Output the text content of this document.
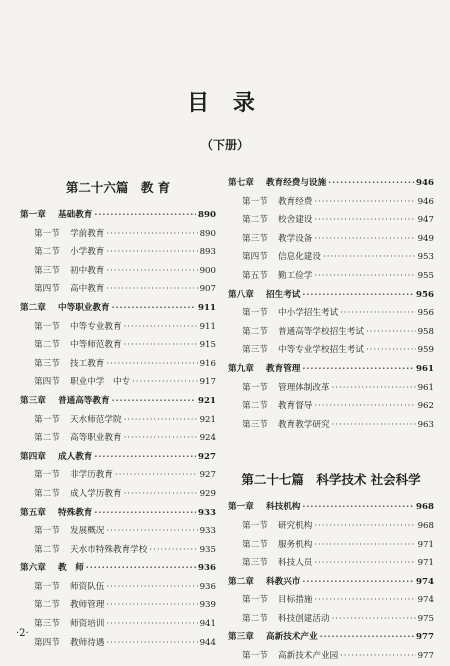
目 录
（下册）
第二十六篇　教 育
第一章	基础教育 ·····	890
第一节	学前教育 ·····	890
第二节	小学教育 ·····	893
第三节	初中教育 ·····	900
第四节	高中教育 ·····	907
第二章	中等职业教育 ·····	911
第一节	中等专业教育 ·····	911
第二节	中等师范教育 ·····	915
第三节	技工教育 ·····	916
第四节	职业中学　中专 ·····	917
第三章	普通高等教育 ·····	921
第一节	天水师范学院 ·····	921
第二节	高等职业教育 ·····	924
第四章	成人教育 ·····	927
第一节	非学历教育 ·····	927
第二节	成人学历教育 ·····	929
第五章	特殊教育 ·····	933
第一节	发展概况 ·····	933
第二节	天水市特殊教育学校 ·····	935
第六章	教　师 ·····	936
第一节	师资队伍 ·····	936
第二节	教师管理 ·····	939
第三节	师资培训 ·····	941
第四节	教师待遇 ·····	944
第七章	教育经费与设施 ·····	946
第一节	教育经费 ·····	946
第二节	校舍建设 ·····	947
第三节	教学设备 ·····	949
第四节	信息化建设 ·····	953
第五节	勤工俭学 ·····	955
第八章	招生考试 ·····	956
第一节	中小学招生考试 ·····	956
第二节	普通高等学校招生考试 ·····	958
第三节	中等专业学校招生考试 ·····	959
第九章	教育管理 ·····	961
第一节	管理体制改革 ·····	961
第二节	教育督导 ·····	962
第三节	教育教学研究 ·····	963
第二十七篇　科学技术 社会科学
第一章	科技机构 ·····	968
第一节	研究机构 ·····	968
第二节	服务机构 ·····	971
第三节	科技人员 ·····	971
第二章	科教兴市 ·····	974
第一节	目标措施 ·····	974
第二节	科技创建活动 ·····	975
第三章	高新技术产业 ·····	977
第一节	高新技术产业园 ·····	977
·2·
